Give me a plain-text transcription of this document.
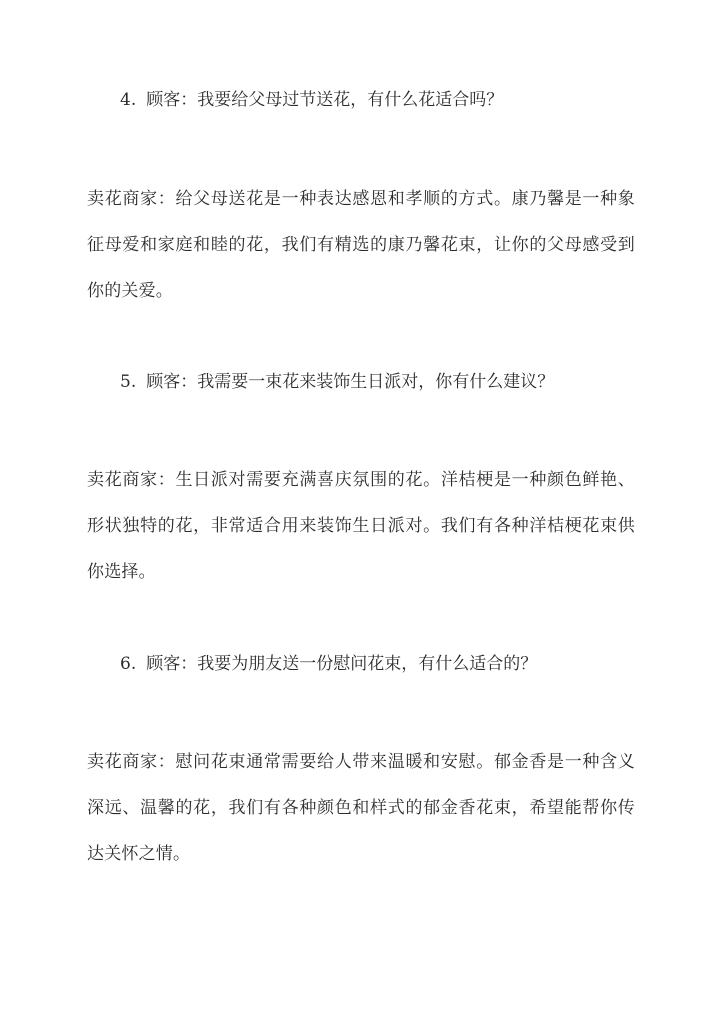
4. 顾客：我要给父母过节送花，有什么花适合吗？

卖花商家：给父母送花是一种表达感恩和孝顺的方式。康乃馨是一种象征母爱和家庭和睦的花，我们有精选的康乃馨花束，让你的父母感受到你的关爱。

5. 顾客：我需要一束花来装饰生日派对，你有什么建议？

卖花商家：生日派对需要充满喜庆氛围的花。洋桔梗是一种颜色鲜艳、形状独特的花，非常适合用来装饰生日派对。我们有各种洋桔梗花束供你选择。

6. 顾客：我要为朋友送一份慰问花束，有什么适合的？

卖花商家：慰问花束通常需要给人带来温暖和安慰。郁金香是一种含义深远、温馨的花，我们有各种颜色和样式的郁金香花束，希望能帮你传达关怀之情。
